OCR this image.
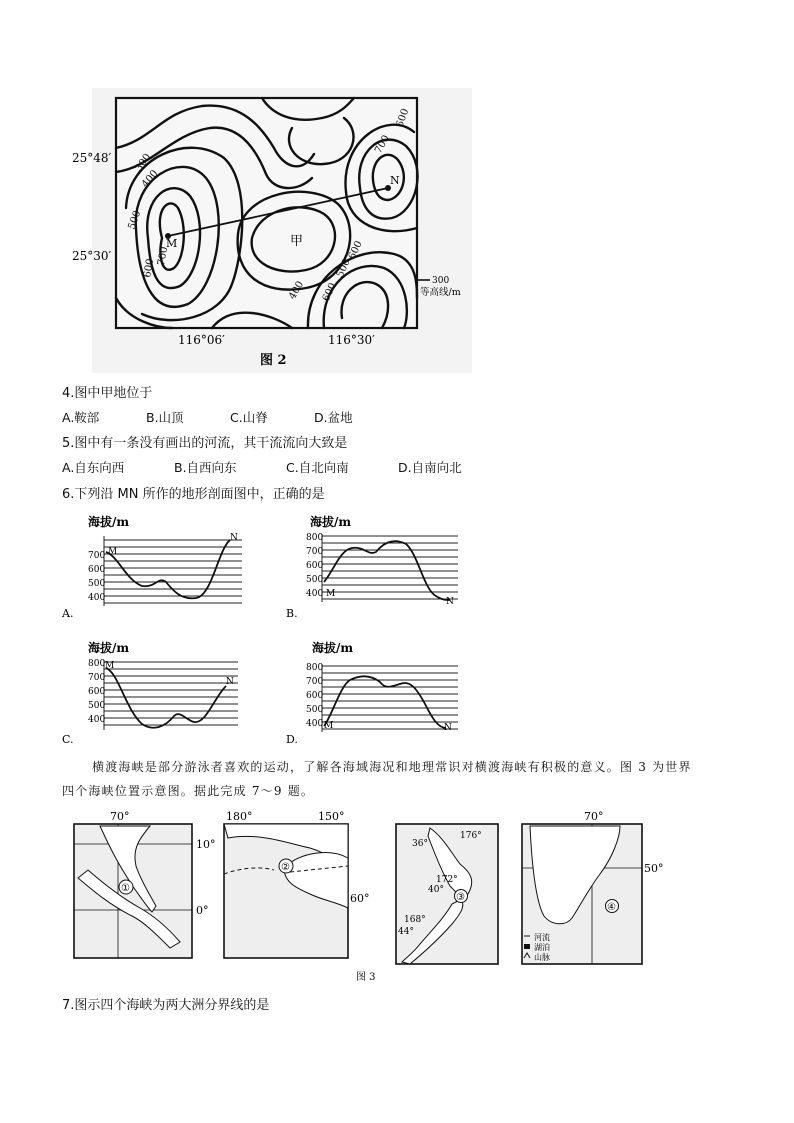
300
400
500
600
700
700
600
400 600
500
600
M
N
甲
25°48′
25°30′
116°06′	116°30′
300
等高线/m
图 2
4.图中甲地位于
A.鞍部	B.山顶	C.山脊	D.盆地
5.图中有一条没有画出的河流，其干流流向大致是
A.自东向西	B.自西向东	C.自北向南	D.自南向北
6.下列沿 MN 所作的地形剖面图中，正确的是
海拔/m
700
600
500
400
M
N
A.
海拔/m
800
700
600
500
400 M
N
B.
海拔/m
800
700
600
500
400
M
N
C.
海拔/m
800
700
600
500
400 M	N
D.
横渡海峡是部分游泳者喜欢的运动，了解各海域海况和地理常识对横渡海峡有积极的意义。图 3 为世界
四个海峡位置示意图。据此完成 7～9 题。
①
70°
10°
0°
②
180°	150°
60°	③
36°
176°
172°
40°
168°
44°
④
70°
50°
河流
湖泊
山脉
图 3
7.图示四个海峡为两大洲分界线的是
